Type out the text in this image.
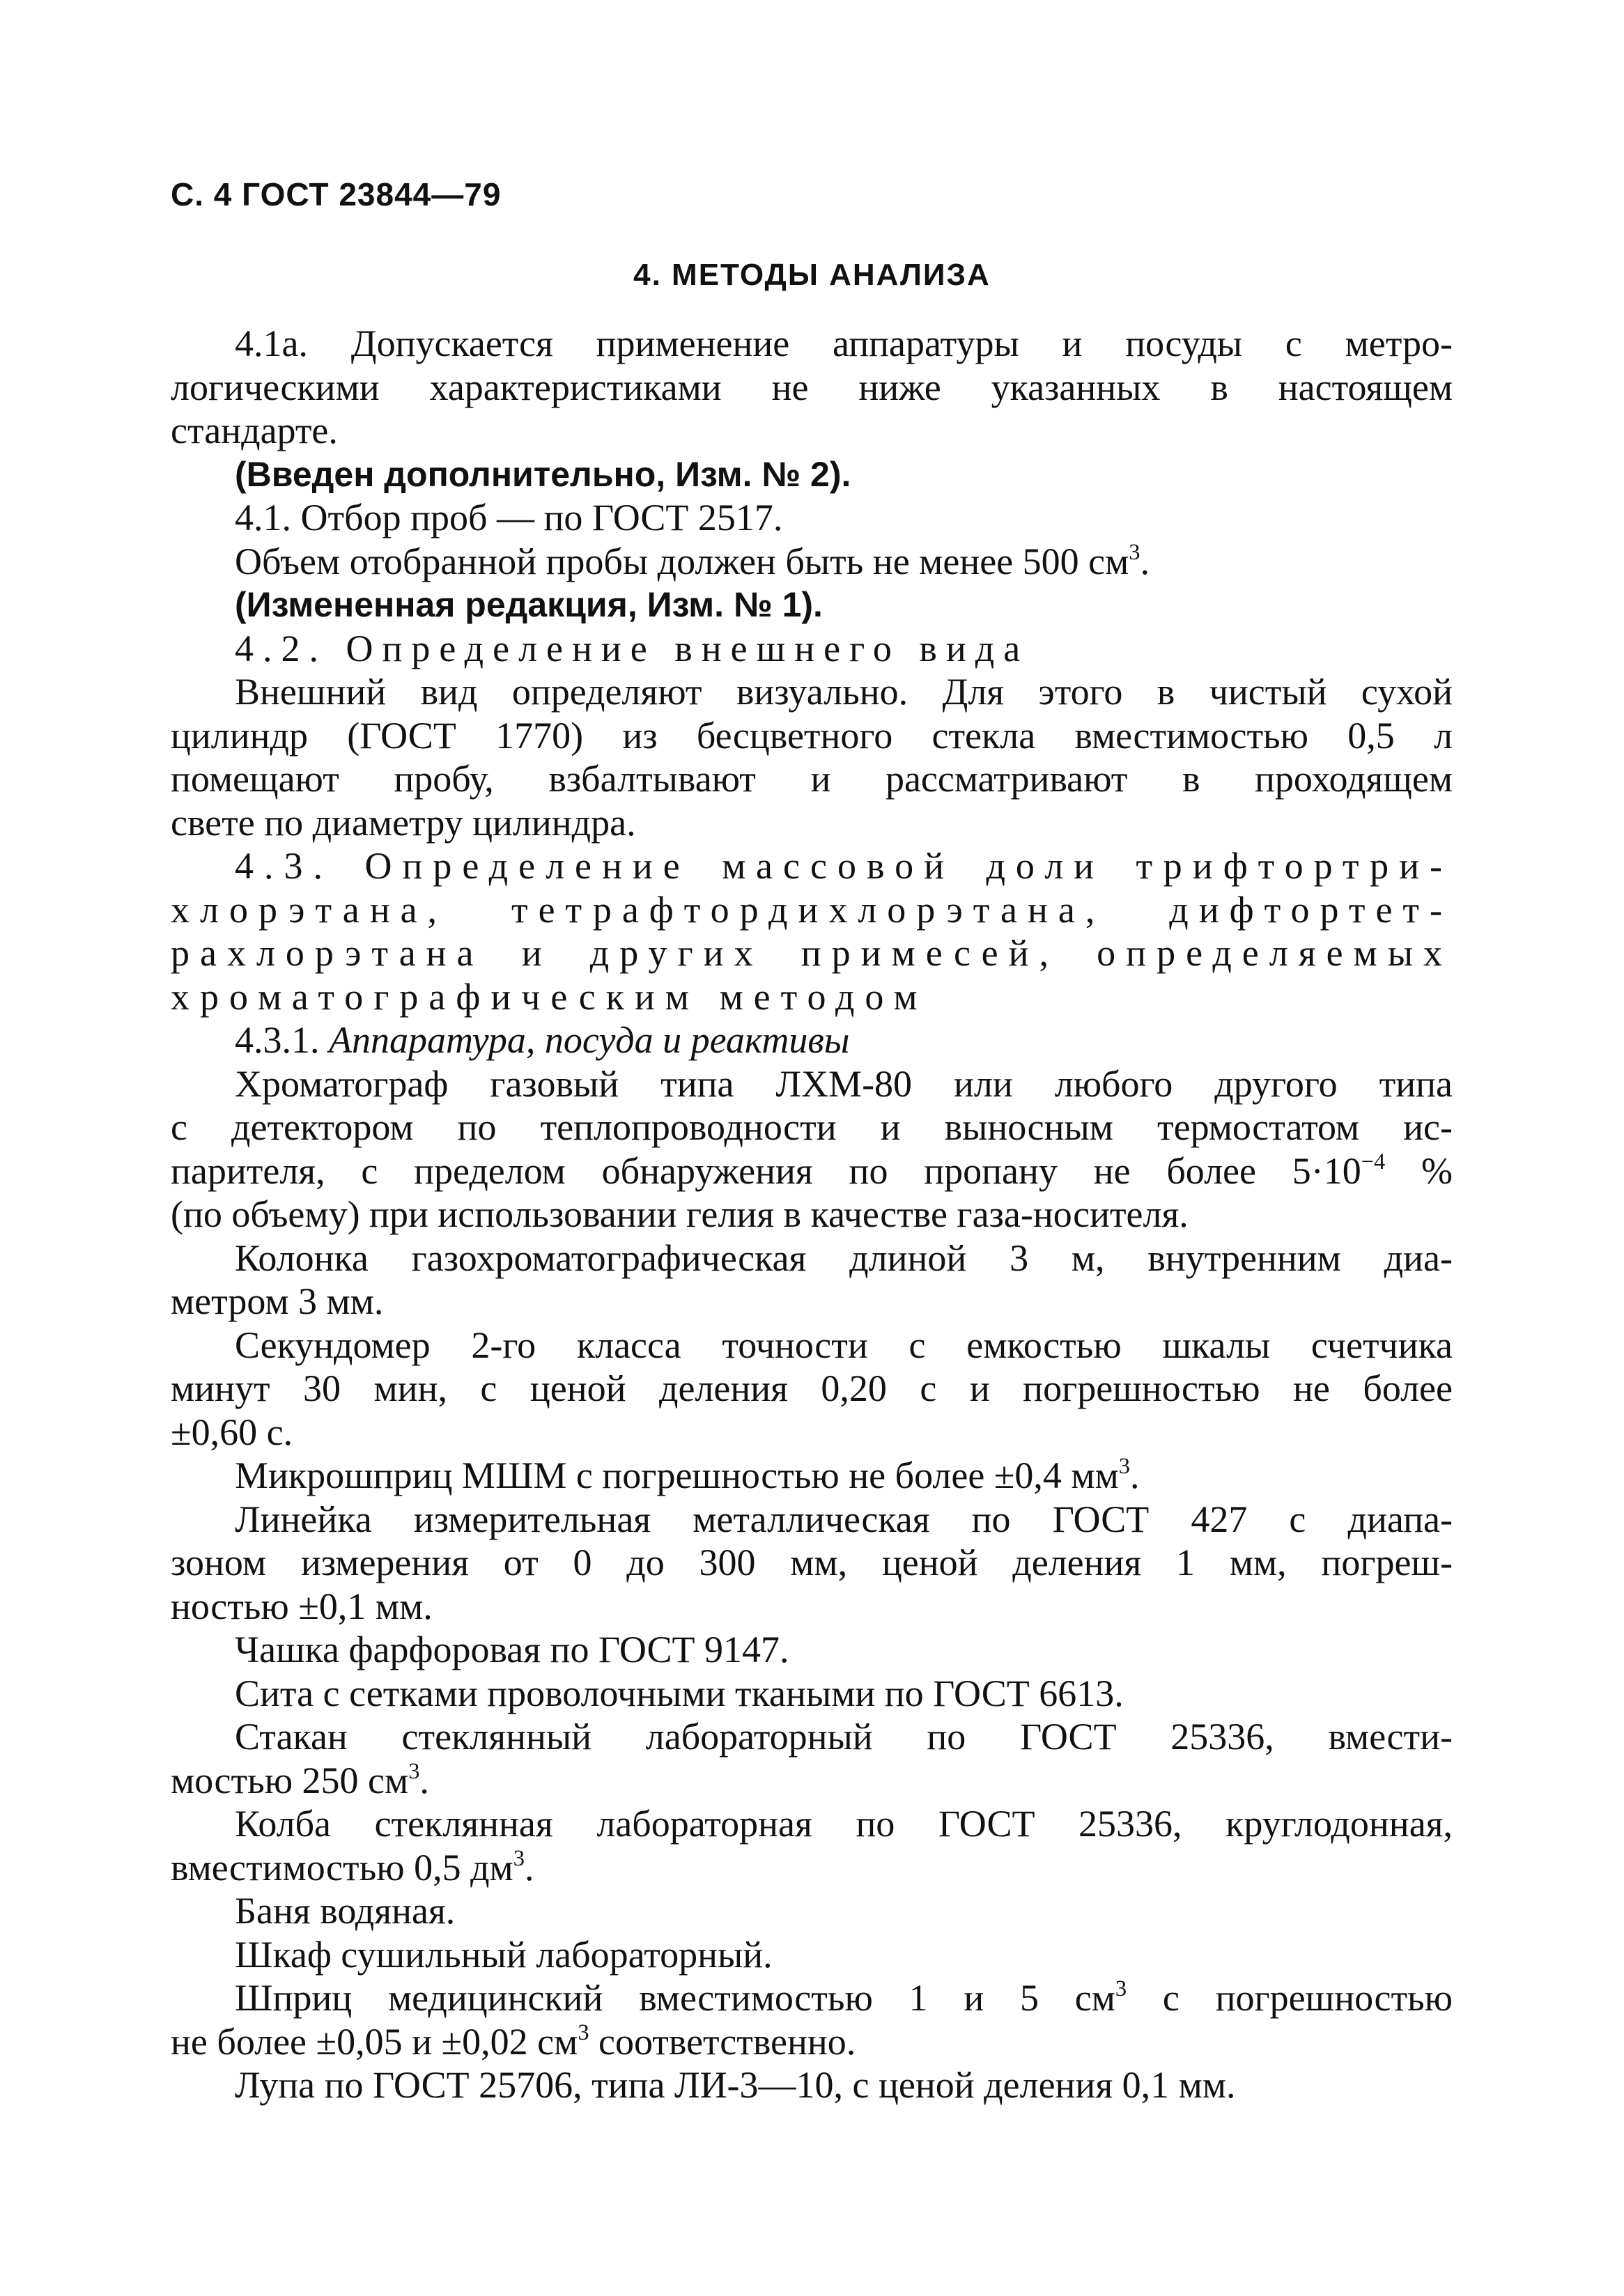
С. 4 ГОСТ 23844—79
4. МЕТОДЫ АНАЛИЗА
4.1а. Допускается применение аппаратуры и посуды с метро-
логическими характеристиками не ниже указанных в настоящем
стандарте.
(Введен дополнительно, Изм. № 2).
4.1. Отбор проб — по ГОСТ 2517.
Объем отобранной пробы должен быть не менее 500 $см^3$.
(Измененная редакция, Изм. № 1).
4.2. Определение внешнего вида
Внешний вид определяют визуально. Для этого в чистый сухой
цилиндр (ГОСТ 1770) из бесцветного стекла вместимостью 0,5 л
помещают пробу, взбалтывают и рассматривают в проходящем
свете по диаметру цилиндра.
4.3. Определение массовой доли трифтортри-
хлорэтана, тетрафтордихлорэтана, дифтортет-
рахлорэтана и других примесей, определяемых
хроматографическим методом
4.3.1. Аппаратура, посуда и реактивы
Хроматограф газовый типа ЛХМ-80 или любого другого типа
с детектором по теплопроводности и выносным термостатом ис-
парителя, с пределом обнаружения по пропану не более $5\cdot 10^{-4}$ %
(по объему) при использовании гелия в качестве газа-носителя.
Колонка газохроматографическая длиной 3 м, внутренним диа-
метром 3 мм.
Секундомер 2-го класса точности с емкостью шкалы счетчика
минут 30 мин, с ценой деления 0,20 с и погрешностью не более
±0,60 с.
Микрошприц МШМ с погрешностью не более ±0,4 $мм^3$.
Линейка измерительная металлическая по ГОСТ 427 с диапа-
зоном измерения от 0 до 300 мм, ценой деления 1 мм, погреш-
ностью ±0,1 мм.
Чашка фарфоровая по ГОСТ 9147.
Сита с сетками проволочными ткаными по ГОСТ 6613.
Стакан стеклянный лабораторный по ГОСТ 25336, вмести-
мостью 250 $см^3$.
Колба стеклянная лабораторная по ГОСТ 25336, круглодонная,
вместимостью 0,5 $дм^3$.
Баня водяная.
Шкаф сушильный лабораторный.
Шприц медицинский вместимостью 1 и 5 $см^3$ с погрешностью
не более ±0,05 и ±0,02 $см^3$ соответственно.
Лупа по ГОСТ 25706, типа ЛИ-3—10, с ценой деления 0,1 мм.
